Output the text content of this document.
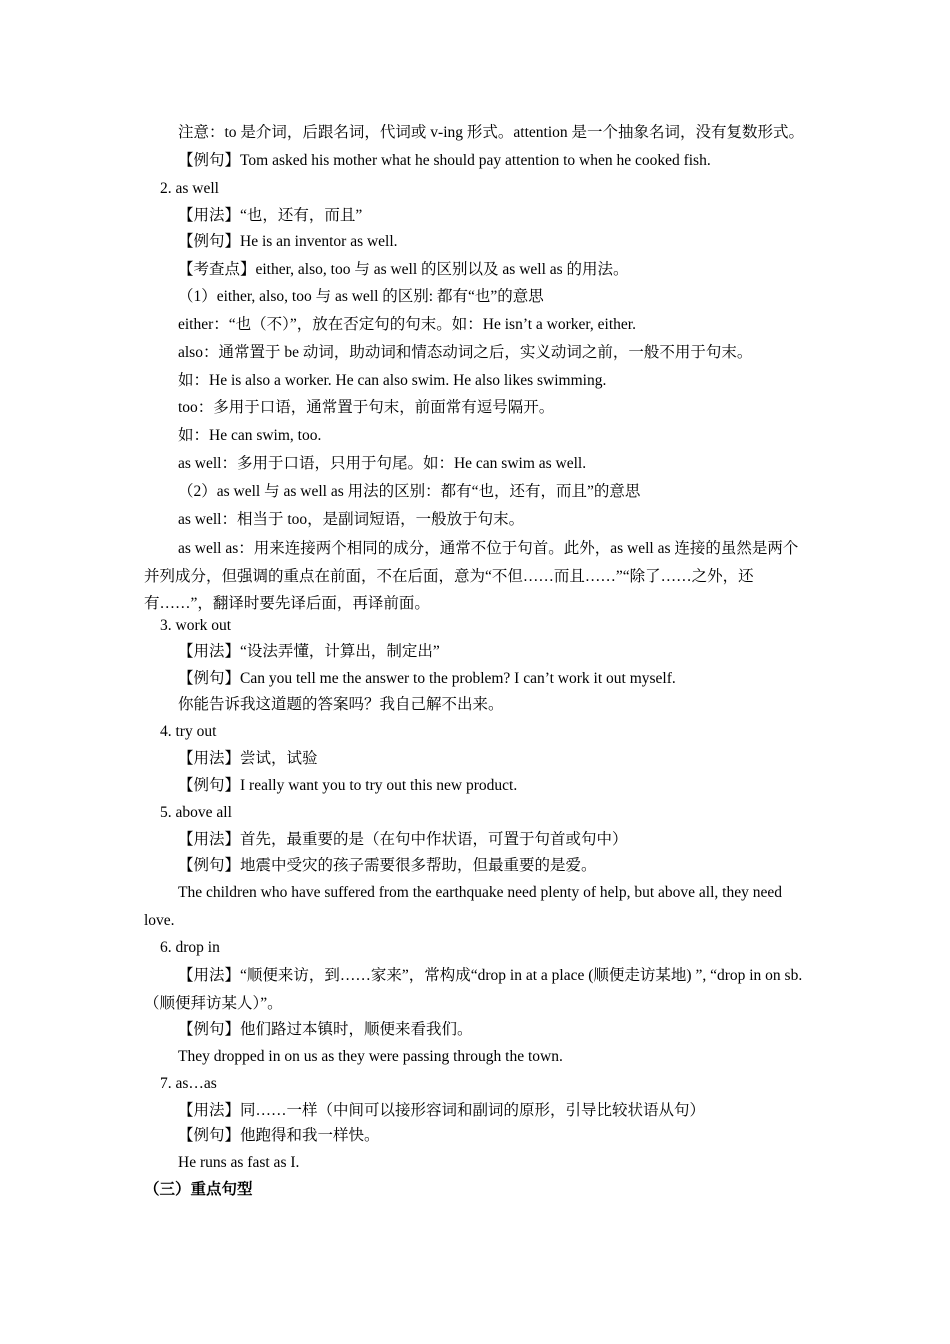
注意：to 是介词，后跟名词，代词或 v-ing 形式。attention 是一个抽象名词，没有复数形式。
【例句】Tom asked his mother what he should pay attention to when he cooked fish.
2. as well
【用法】“也，还有，而且”
【例句】He is an inventor as well.
【考查点】either, also, too 与 as well 的区别以及 as well as 的用法。
（1）either, also, too 与 as well 的区别: 都有“也”的意思
either：“也（不）”，放在否定句的句末。如：He isn’t a worker, either.
also：通常置于 be 动词，助动词和情态动词之后，实义动词之前，一般不用于句末。
如：He is also a worker. He can also swim. He also likes swimming.
too：多用于口语，通常置于句末，前面常有逗号隔开。
如：He can swim, too.
as well：多用于口语，只用于句尾。如：He can swim as well.
（2）as well 与 as well as 用法的区别：都有“也，还有，而且”的意思
as well：相当于 too，是副词短语，一般放于句末。
as well as：用来连接两个相同的成分，通常不位于句首。此外，as well as 连接的虽然是两个并列成分，但强调的重点在前面，不在后面，意为“不但……而且……”“除了……之外，还有……”，翻译时要先译后面，再译前面。
3. work out
【用法】“设法弄懂，计算出，制定出”
【例句】Can you tell me the answer to the problem? I can’t work it out myself.
你能告诉我这道题的答案吗？我自己解不出来。
4. try out
【用法】尝试，试验
【例句】I really want you to try out this new product.
5. above all
【用法】首先，最重要的是（在句中作状语，可置于句首或句中）
【例句】地震中受灾的孩子需要很多帮助，但最重要的是爱。
The children who have suffered from the earthquake need plenty of help, but above all, they need love.
6. drop in
【用法】“顺便来访，到……家来”，常构成“drop in at a place (顺便走访某地) ”, “drop in on sb.（顺便拜访某人）”。
【例句】他们路过本镇时，顺便来看我们。
They dropped in on us as they were passing through the town.
7. as…as
【用法】同……一样（中间可以接形容词和副词的原形，引导比较状语从句）
【例句】他跑得和我一样快。
He runs as fast as I.
（三）重点句型
